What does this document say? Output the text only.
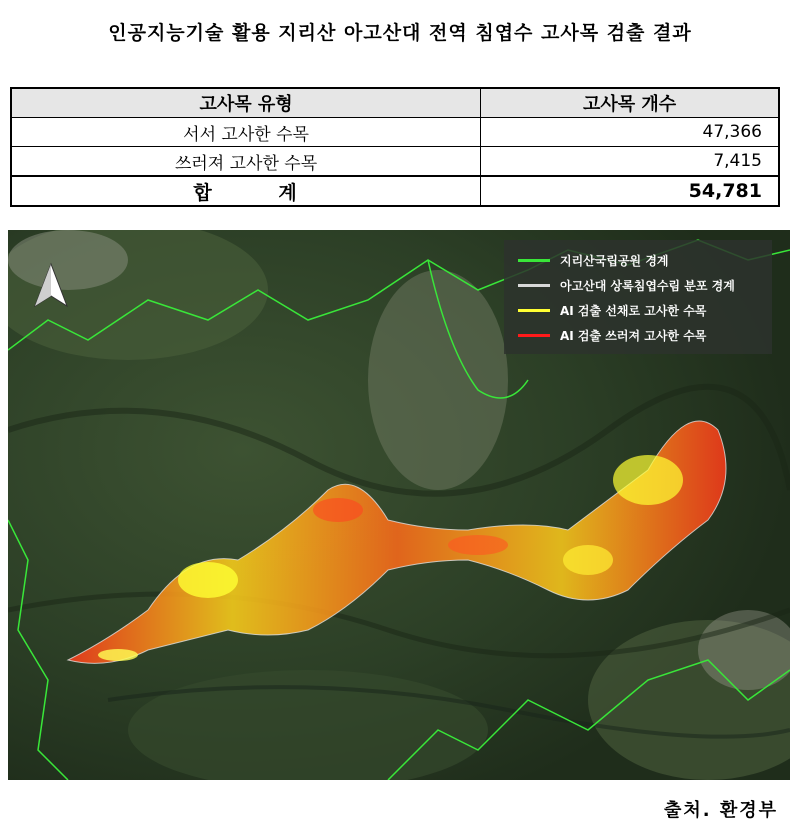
인공지능기술 활용 지리산 아고산대 전역 침엽수 고사목 검출 결과
고사목 유형	고사목 개수
서서 고사한 수목	47,366
쓰러져 고사한 수목	7,415
합 계	54,781
지리산국립공원 경계
아고산대 상록침엽수림 분포 경계
AI 검출 선채로 고사한 수목
AI 검출 쓰러져 고사한 수목
출처. 환경부
